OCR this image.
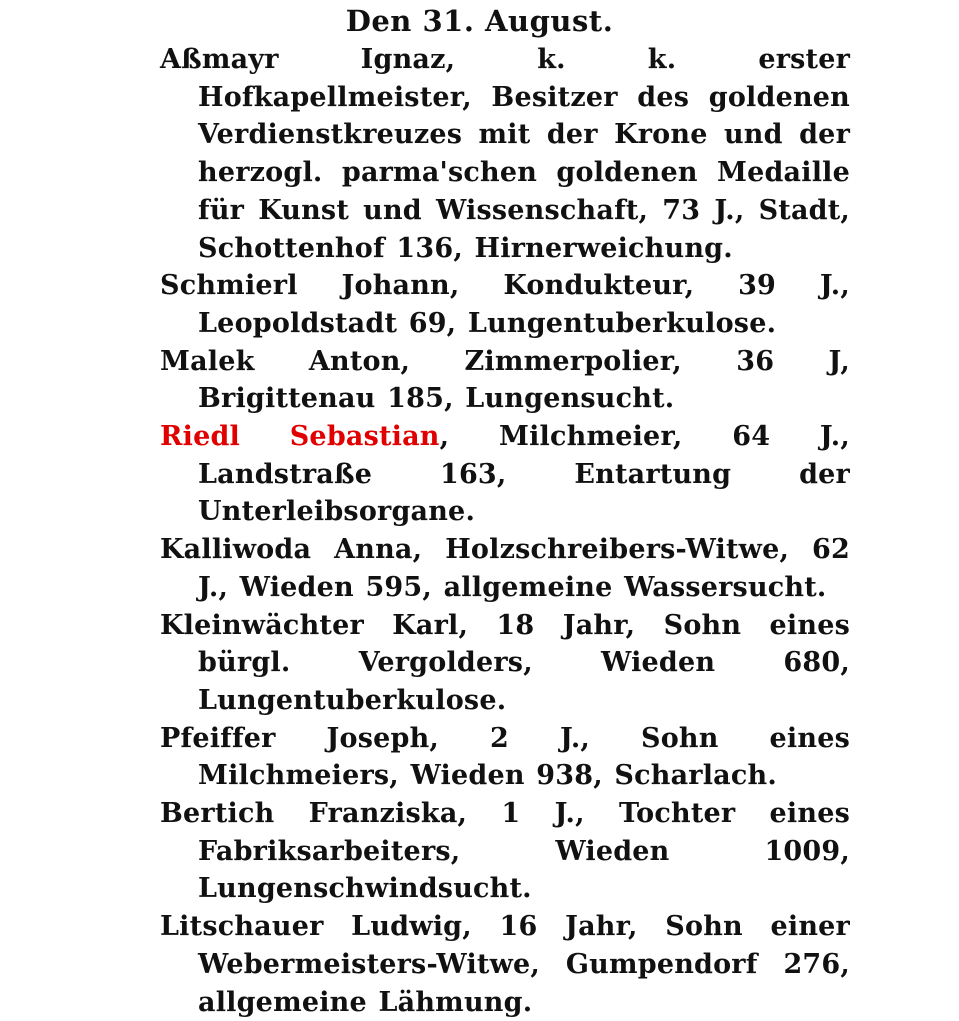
Den 31. August.

Aßmayr Ignaz, k. k. erster Hofkapellmeister, Besitzer des goldenen Verdienstkreuzes mit der Krone und der herzogl. parma'schen goldenen Medaille für Kunst und Wissenschaft, 73 J., Stadt, Schottenhof 136, Hirnerweichung.

Schmierl Johann, Kondukteur, 39 J., Leopoldstadt 69, Lungentuberkulose.

Malek Anton, Zimmerpolier, 36 J, Brigittenau 185, Lungensucht.

Riedl Sebastian, Milchmeier, 64 J., Landstraße 163, Entartung der Unterleibsorgane.

Kalliwoda Anna, Holzschreibers-Witwe, 62 J., Wieden 595, allgemeine Wassersucht.

Kleinwächter Karl, 18 Jahr, Sohn eines bürgl. Vergolders, Wieden 680, Lungentuberkulose.

Pfeiffer Joseph, 2 J., Sohn eines Milchmeiers, Wieden 938, Scharlach.

Bertich Franziska, 1 J., Tochter eines Fabriksarbeiters, Wieden 1009, Lungenschwindsucht.

Litschauer Ludwig, 16 Jahr, Sohn einer Webermeisters-Witwe, Gumpendorf 276, allgemeine Lähmung.
